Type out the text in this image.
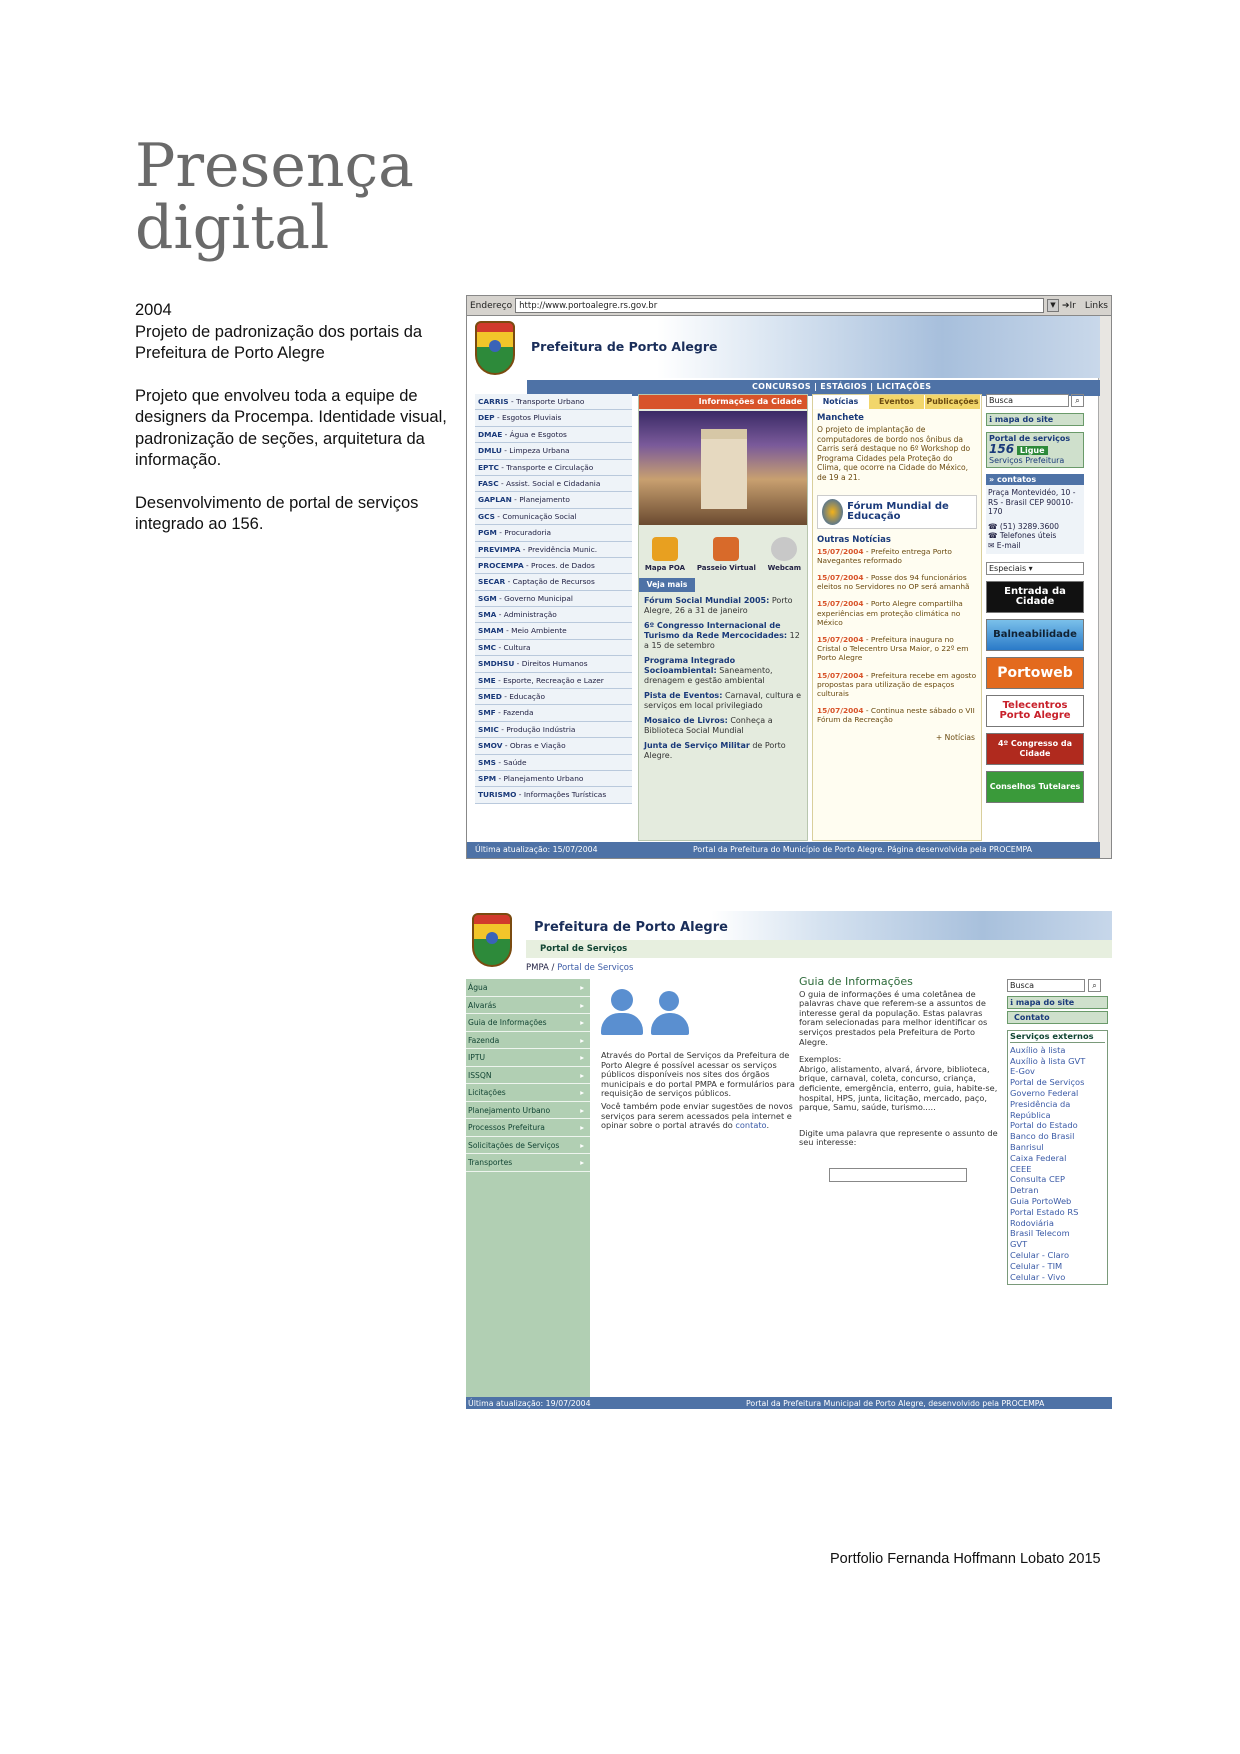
Presença
digital

2004
Projeto de padronização dos portais da Prefeitura de Porto Alegre

Projeto que envolveu toda a equipe de designers da Procempa. Identidade visual, padronização de seções, arquitetura da informação.

Desenvolvimento de portal de serviços integrado ao 156.

Endereço http://www.portoalegre.rs.gov.br	▼ ➔Ir Links
Prefeitura de Porto Alegre
CONCURSOS | ESTÁGIOS | LICITAÇÕES
CARRIS - Transporte Urbano
DEP - Esgotos Pluviais
DMAE - Água e Esgotos
DMLU - Limpeza Urbana
EPTC - Transporte e Circulação
FASC - Assist. Social e Cidadania
GAPLAN - Planejamento
GCS - Comunicação Social
PGM - Procuradoria
PREVIMPA - Previdência Munic.
PROCEMPA - Proces. de Dados
SECAR - Captação de Recursos
SGM - Governo Municipal
SMA - Administração
SMAM - Meio Ambiente
SMC - Cultura
SMDHSU - Direitos Humanos
SME - Esporte, Recreação e Lazer
SMED - Educação
SMF - Fazenda
SMIC - Produção Indústria
SMOV - Obras e Viação
SMS - Saúde
SPM - Planejamento Urbano
TURISMO - Informações Turísticas
Informações da Cidade
Mapa POA Passeio Virtual Webcam
Veja mais

Fórum Social Mundial 2005: Porto Alegre, 26 a 31 de janeiro

6º Congresso Internacional de Turismo da Rede Mercocidades: 12 a 15 de setembro

Programa Integrado Socioambiental: Saneamento, drenagem e gestão ambiental

Pista de Eventos: Carnaval, cultura e serviços em local privilegiado

Mosaico de Livros: Conheça a Biblioteca Social Mundial

Junta de Serviço Militar de Porto Alegre.

Notícias	Eventos	Publicações
Manchete
O projeto de implantação de computadores de bordo nos ônibus da Carris será destaque no 6º Workshop do Programa Cidades pela Proteção do Clima, que ocorre na Cidade do México, de 19 a 21.
Fórum Mundial de Educação
Outras Notícias

15/07/2004 - Prefeito entrega Porto Navegantes reformado

15/07/2004 - Posse dos 94 funcionários eleitos no Servidores no OP será amanhã

15/07/2004 - Porto Alegre compartilha experiências em proteção climática no México

15/07/2004 - Prefeitura inaugura no Cristal o Telecentro Ursa Maior, o 22º em Porto Alegre

15/07/2004 - Prefeitura recebe em agosto propostas para utilização de espaços culturais

15/07/2004 - Continua neste sábado o VII Fórum da Recreação

+ Notícias
Busca	⌕
ℹ mapa do site
Portal de serviços
156 Ligue
Serviços Prefeitura
» contatos
Praça Montevidéo, 10 - RS - Brasil CEP 90010-170
☎ (51) 3289.3600
☎ Telefones úteis
✉ E-mail
Especiais ▾
Entrada da Cidade
Balneabilidade
Portoweb
Telecentros Porto Alegre
4º Congresso da Cidade
Conselhos Tutelares
Última atualização: 15/07/2004	Portal da Prefeitura do Município de Porto Alegre. Página desenvolvida pela PROCEMPA
Prefeitura de Porto Alegre
Portal de Serviços
PMPA / Portal de Serviços
Água ▸
Alvarás ▸
Guia de Informações ▸
Fazenda ▸
IPTU ▸
ISSQN ▸
Licitações ▸
Planejamento Urbano ▸
Processos Prefeitura ▸
Solicitações de Serviços ▸
Transportes ▸

Através do Portal de Serviços da Prefeitura de Porto Alegre é possível acessar os serviços públicos disponíveis nos sites dos órgãos municipais e do portal PMPA e formulários para requisição de serviços públicos.

Você também pode enviar sugestões de novos serviços para serem acessados pela internet e opinar sobre o portal através do contato.

Guia de Informações

O guia de informações é uma coletânea de palavras chave que referem-se a assuntos de interesse geral da população. Estas palavras foram selecionadas para melhor identificar os serviços prestados pela Prefeitura de Porto Alegre.

Exemplos:

Abrigo, alistamento, alvará, árvore, biblioteca, brique, carnaval, coleta, concurso, criança, deficiente, emergência, enterro, guia, habite-se, hospital, HPS, junta, licitação, mercado, paço, parque, Samu, saúde, turismo.....

Digite uma palavra que represente o assunto de seu interesse:

Busca	⌕
ℹ mapa do site
Contato
Serviços externos
Auxílio à lista
Auxílio à lista GVT
E-Gov
Portal de Serviços
Governo Federal
Presidência da República
Portal do Estado
Banco do Brasil
Banrisul
Caixa Federal
CEEE
Consulta CEP
Detran
Guia PortoWeb
Portal Estado RS
Rodoviária
Brasil Telecom
GVT
Celular - Claro
Celular - TIM
Celular - Vivo
Última atualização: 19/07/2004	Portal da Prefeitura Municipal de Porto Alegre, desenvolvido pela PROCEMPA
Portfolio Fernanda Hoffmann Lobato 2015
